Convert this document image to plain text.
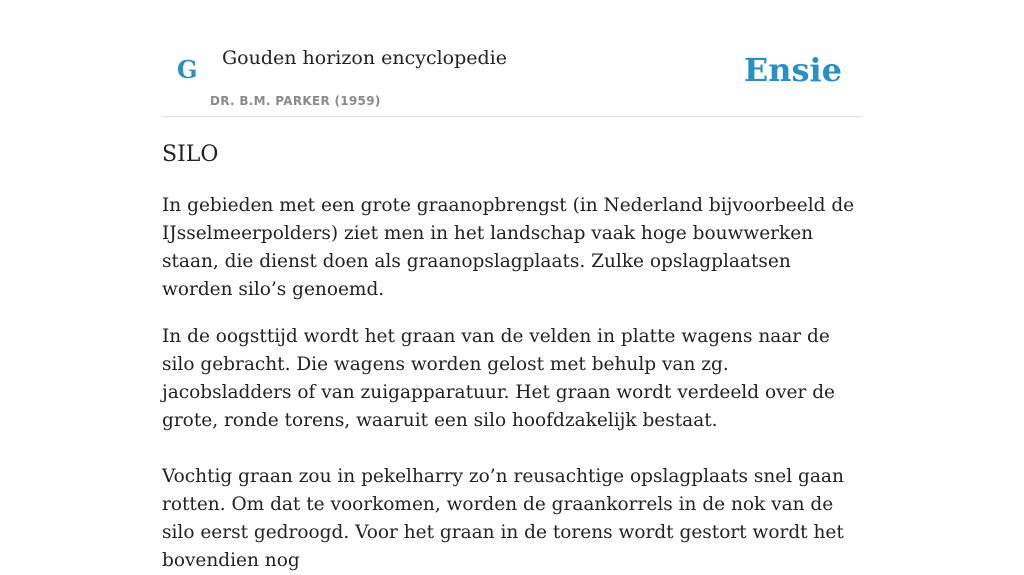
G Gouden horizon encyclopedie
DR. B.M. PARKER (1959)
Ensie
SILO

In gebieden met een grote graanopbrengst (in Nederland bijvoorbeeld de IJsselmeerpolders) ziet men in het landschap vaak hoge bouwwerken staan, die dienst doen als graanopslagplaats. Zulke opslagplaatsen worden silo’s genoemd.

In de oogsttijd wordt het graan van de velden in platte wagens naar de silo gebracht. Die wagens worden gelost met behulp van zg. jacobsladders of van zuigapparatuur. Het graan wordt verdeeld over de grote, ronde torens, waaruit een silo hoofdzakelijk bestaat.

Vochtig graan zou in pekelharry zo’n reusachtige opslagplaats snel gaan rotten. Om dat te voorkomen, worden de graankorrels in de nok van de silo eerst gedroogd. Voor het graan in de torens wordt gestort wordt het bovendien nog
